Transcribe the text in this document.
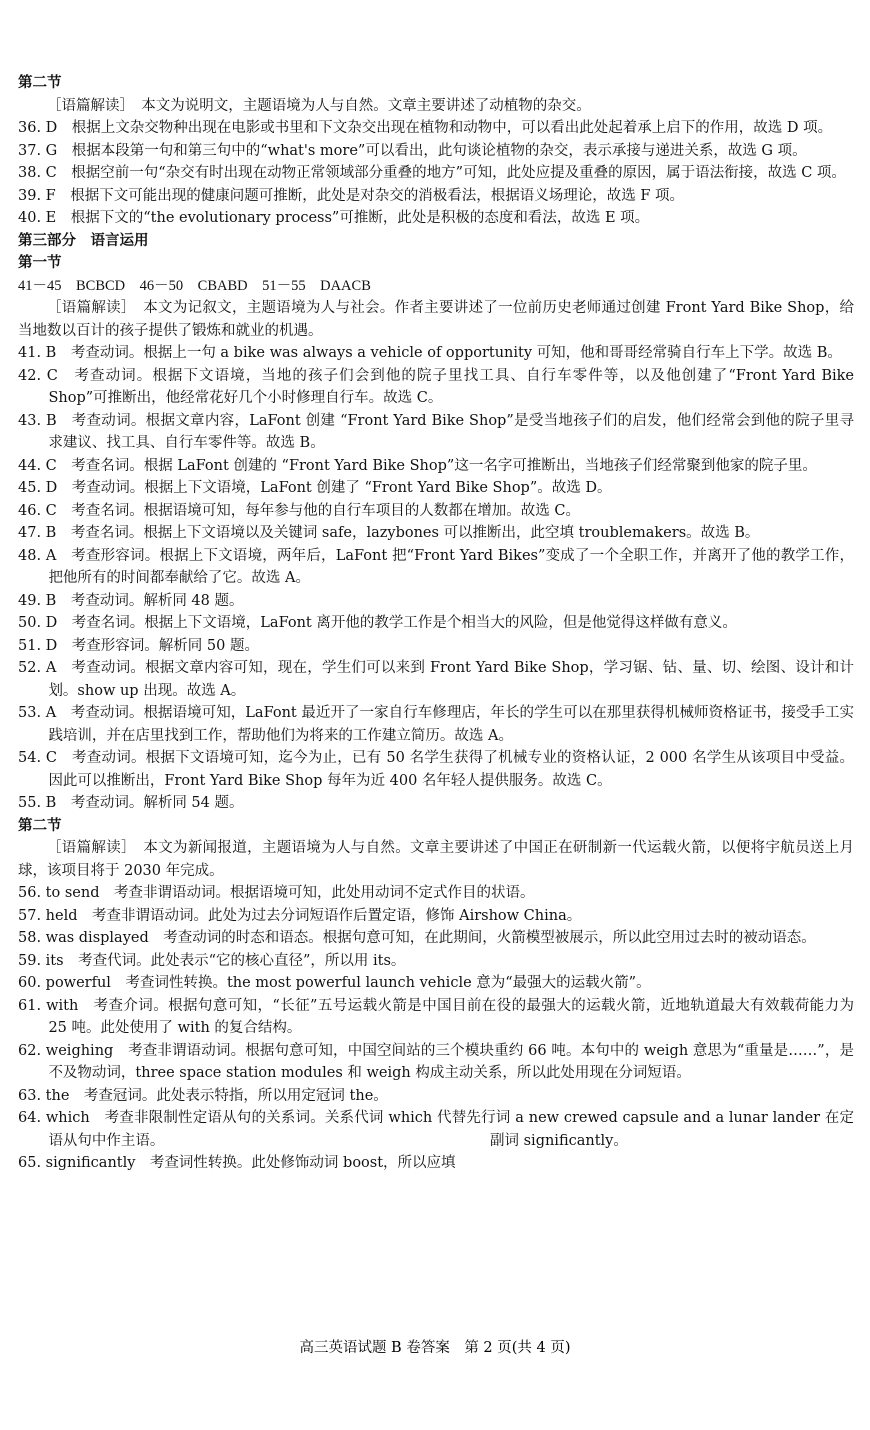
第二节
［语篇解读］　本文为说明文，主题语境为人与自然。文章主要讲述了动植物的杂交。
36. D　根据上文杂交物种出现在电影或书里和下文杂交出现在植物和动物中，可以看出此处起着承上启下的作用，故选 D 项。
37. G　根据本段第一句和第三句中的“what's more”可以看出，此句谈论植物的杂交，表示承接与递进关系，故选 G 项。
38. C　根据空前一句“杂交有时出现在动物正常领域部分重叠的地方”可知，此处应提及重叠的原因，属于语法衔接，故选 C 项。
39. F　根据下文可能出现的健康问题可推断，此处是对杂交的消极看法，根据语义场理论，故选 F 项。
40. E　根据下文的“the evolutionary process”可推断，此处是积极的态度和看法，故选 E 项。
第三部分　语言运用
第一节
41－45　BCBCD　46－50　CBABD　51－55　DAACB
［语篇解读］　本文为记叙文，主题语境为人与社会。作者主要讲述了一位前历史老师通过创建 Front Yard Bike Shop，给当地数以百计的孩子提供了锻炼和就业的机遇。
41. B　考查动词。根据上一句 a bike was always a vehicle of opportunity 可知，他和哥哥经常骑自行车上下学。故选 B。
42. C　考查动词。根据下文语境，当地的孩子们会到他的院子里找工具、自行车零件等，以及他创建了“Front Yard Bike Shop”可推断出，他经常花好几个小时修理自行车。故选 C。
43. B　考查动词。根据文章内容，LaFont 创建 “Front Yard Bike Shop”是受当地孩子们的启发，他们经常会到他的院子里寻求建议、找工具、自行车零件等。故选 B。
44. C　考查名词。根据 LaFont 创建的 “Front Yard Bike Shop”这一名字可推断出，当地孩子们经常聚到他家的院子里。
45. D　考查动词。根据上下文语境，LaFont 创建了 “Front Yard Bike Shop”。故选 D。
46. C　考查名词。根据语境可知，每年参与他的自行车项目的人数都在增加。故选 C。
47. B　考查名词。根据上下文语境以及关键词 safe，lazybones 可以推断出，此空填 troublemakers。故选 B。
48. A　考查形容词。根据上下文语境，两年后，LaFont 把“Front Yard Bikes”变成了一个全职工作，并离开了他的教学工作，把他所有的时间都奉献给了它。故选 A。
49. B　考查动词。解析同 48 题。
50. D　考查名词。根据上下文语境，LaFont 离开他的教学工作是个相当大的风险，但是他觉得这样做有意义。
51. D　考查形容词。解析同 50 题。
52. A　考查动词。根据文章内容可知，现在，学生们可以来到 Front Yard Bike Shop，学习锯、钻、量、切、绘图、设计和计划。show up 出现。故选 A。
53. A　考查动词。根据语境可知，LaFont 最近开了一家自行车修理店，年长的学生可以在那里获得机械师资格证书，接受手工实践培训，并在店里找到工作，帮助他们为将来的工作建立简历。故选 A。
54. C　考查动词。根据下文语境可知，迄今为止，已有 50 名学生获得了机械专业的资格认证，2 000 名学生从该项目中受益。因此可以推断出，Front Yard Bike Shop 每年为近 400 名年轻人提供服务。故选 C。
55. B　考查动词。解析同 54 题。
第二节
［语篇解读］　本文为新闻报道，主题语境为人与自然。文章主要讲述了中国正在研制新一代运载火箭，以便将宇航员送上月球，该项目将于 2030 年完成。
56. to send　考查非谓语动词。根据语境可知，此处用动词不定式作目的状语。
57. held　考查非谓语动词。此处为过去分词短语作后置定语，修饰 Airshow China。
58. was displayed　考查动词的时态和语态。根据句意可知，在此期间，火箭模型被展示，所以此空用过去时的被动语态。
59. its　考查代词。此处表示“它的核心直径”，所以用 its。
60. powerful　考查词性转换。the most powerful launch vehicle 意为“最强大的运载火箭”。
61. with　考查介词。根据句意可知，“长征”五号运载火箭是中国目前在役的最强大的运载火箭，近地轨道最大有效载荷能力为 25 吨。此处使用了 with 的复合结构。
62. weighing　考查非谓语动词。根据句意可知，中国空间站的三个模块重约 66 吨。本句中的 weigh 意思为“重量是……”，是不及物动词，three space station modules 和 weigh 构成主动关系，所以此处用现在分词短语。
63. the　考查冠词。此处表示特指，所以用定冠词 the。
64. which　考查非限制性定语从句的关系词。关系代词 which 代替先行词 a new crewed capsule and a lunar lander 在定语从句中作主语。	副词 significantly。
65. significantly　考查词性转换。此处修饰动词 boost，所以应填
高三英语试题 B 卷答案　第 2 页(共 4 页)
